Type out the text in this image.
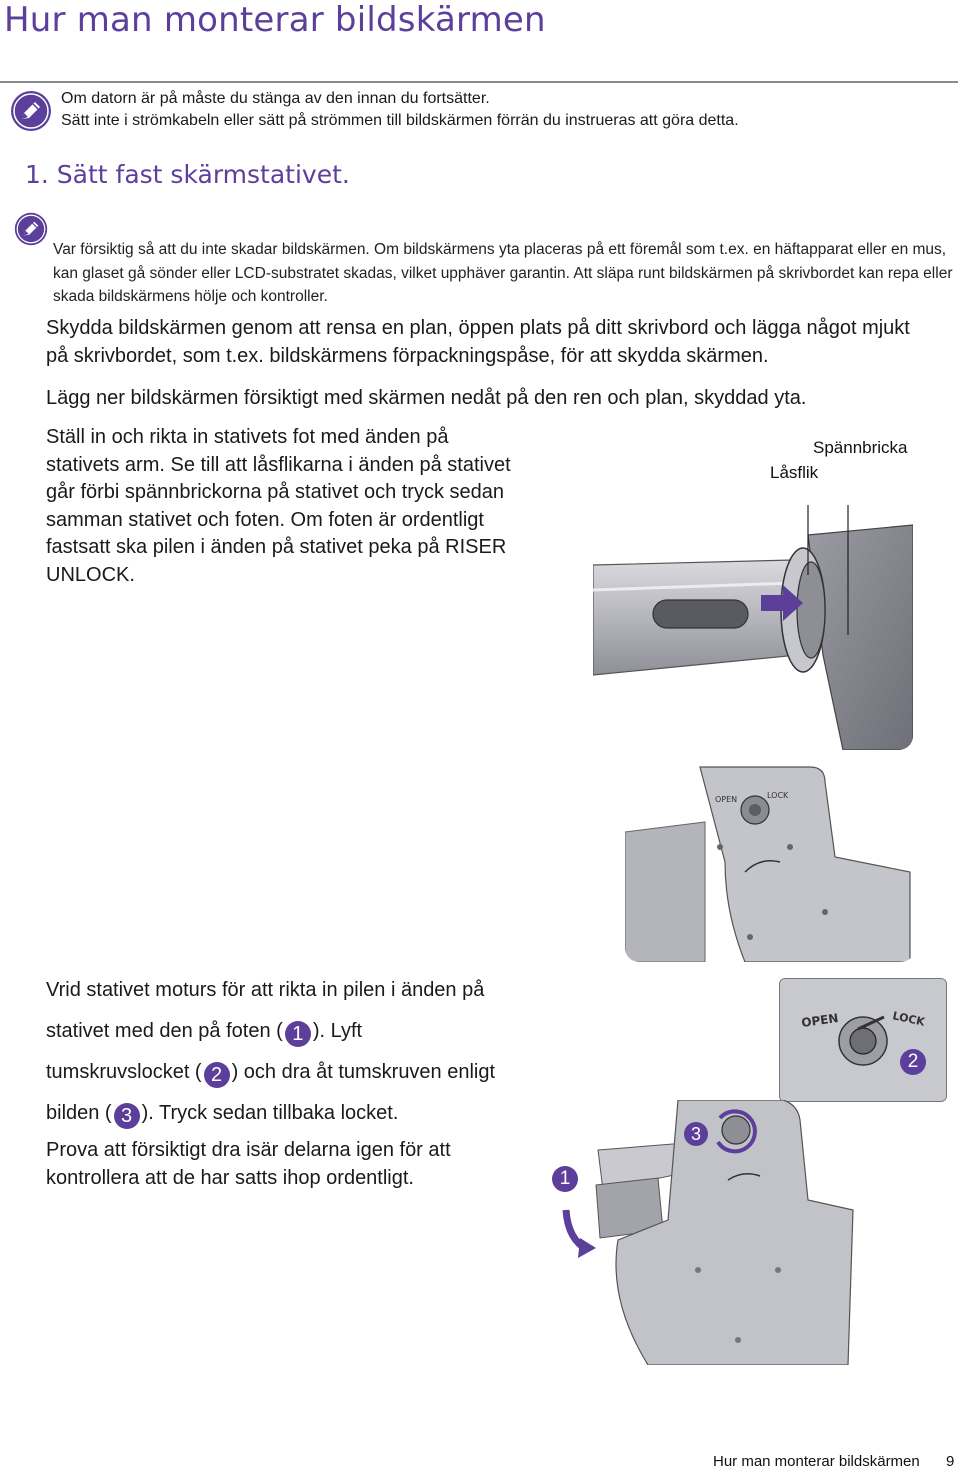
Hur man monterar bildskärmen
Om datorn är på måste du stänga av den innan du fortsätter.
Sätt inte i strömkabeln eller sätt på strömmen till bildskärmen förrän du instrueras att göra detta.
1. Sätt fast skärmstativet.
Var försiktig så att du inte skadar bildskärmen. Om bildskärmens yta placeras på ett föremål som t.ex. en häftapparat eller en mus, kan glaset gå sönder eller LCD-substratet skadas, vilket upphäver garantin. Att släpa runt bildskärmen på skrivbordet kan repa eller skada bildskärmens hölje och kontroller.
Skydda bildskärmen genom att rensa en plan, öppen plats på ditt skrivbord och lägga något mjukt på skrivbordet, som t.ex. bildskärmens förpackningspåse, för att skydda skärmen.
Lägg ner bildskärmen försiktigt med skärmen nedåt på den ren och plan, skyddad yta.
Ställ in och rikta in stativets fot med änden på stativets arm. Se till att låsflikarna i änden på stativet går förbi spännbrickorna på stativet och tryck sedan samman stativet och foten. Om foten är ordentligt fastsatt ska pilen i änden på stativet peka på RISER UNLOCK.
Spännbricka
Låsflik
OPEN	LOCK
Vrid stativet moturs för att rikta in pilen i änden på
stativet med den på foten ( 1 ). Lyft
tumskruvslocket ( 2 ) och dra åt tumskruven enligt
bilden ( 3 ). Tryck sedan tillbaka locket.
Prova att försiktigt dra isär delarna igen för att kontrollera att de har satts ihop ordentligt.
OPEN	LOCK
2
3
1
Hur man monterar bildskärmen 9
